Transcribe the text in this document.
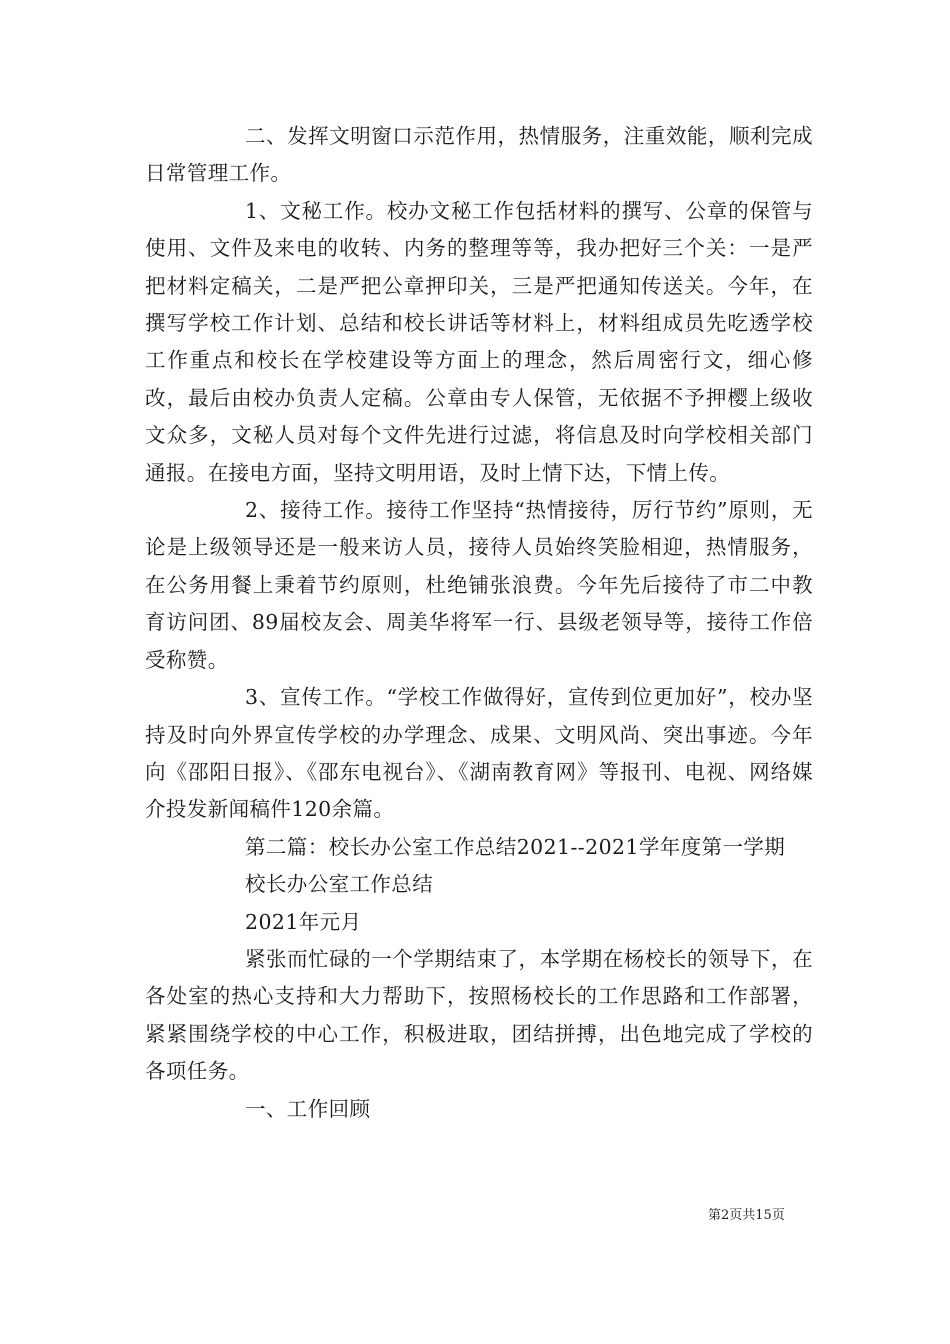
二、发挥文明窗口示范作用，热情服务，注重效能，顺利完成日常管理工作。

1、文秘工作。校办文秘工作包括材料的撰写、公章的保管与使用、文件及来电的收转、内务的整理等等，我办把好三个关：一是严把材料定稿关，二是严把公章押印关，三是严把通知传送关。今年，在撰写学校工作计划、总结和校长讲话等材料上，材料组成员先吃透学校工作重点和校长在学校建设等方面上的理念，然后周密行文，细心修改，最后由校办负责人定稿。公章由专人保管，无依据不予押樱上级收文众多，文秘人员对每个文件先进行过滤，将信息及时向学校相关部门通报。在接电方面，坚持文明用语，及时上情下达，下情上传。

2、接待工作。接待工作坚持“热情接待，厉行节约”原则，无论是上级领导还是一般来访人员，接待人员始终笑脸相迎，热情服务，在公务用餐上秉着节约原则，杜绝铺张浪费。今年先后接待了市二中教育访问团、89届校友会、周美华将军一行、县级老领导等，接待工作倍受称赞。

3、宣传工作。“学校工作做得好，宣传到位更加好”，校办坚持及时向外界宣传学校的办学理念、成果、文明风尚、突出事迹。今年向《邵阳日报》、《邵东电视台》、《湖南教育网》等报刊、电视、网络媒介投发新闻稿件120余篇。

第二篇：校长办公室工作总结2021--2021学年度第一学期

校长办公室工作总结

2021年元月

紧张而忙碌的一个学期结束了，本学期在杨校长的领导下，在各处室的热心支持和大力帮助下，按照杨校长的工作思路和工作部署，紧紧围绕学校的中心工作，积极进取，团结拼搏，出色地完成了学校的各项任务。

一、工作回顾

第2页共15页
